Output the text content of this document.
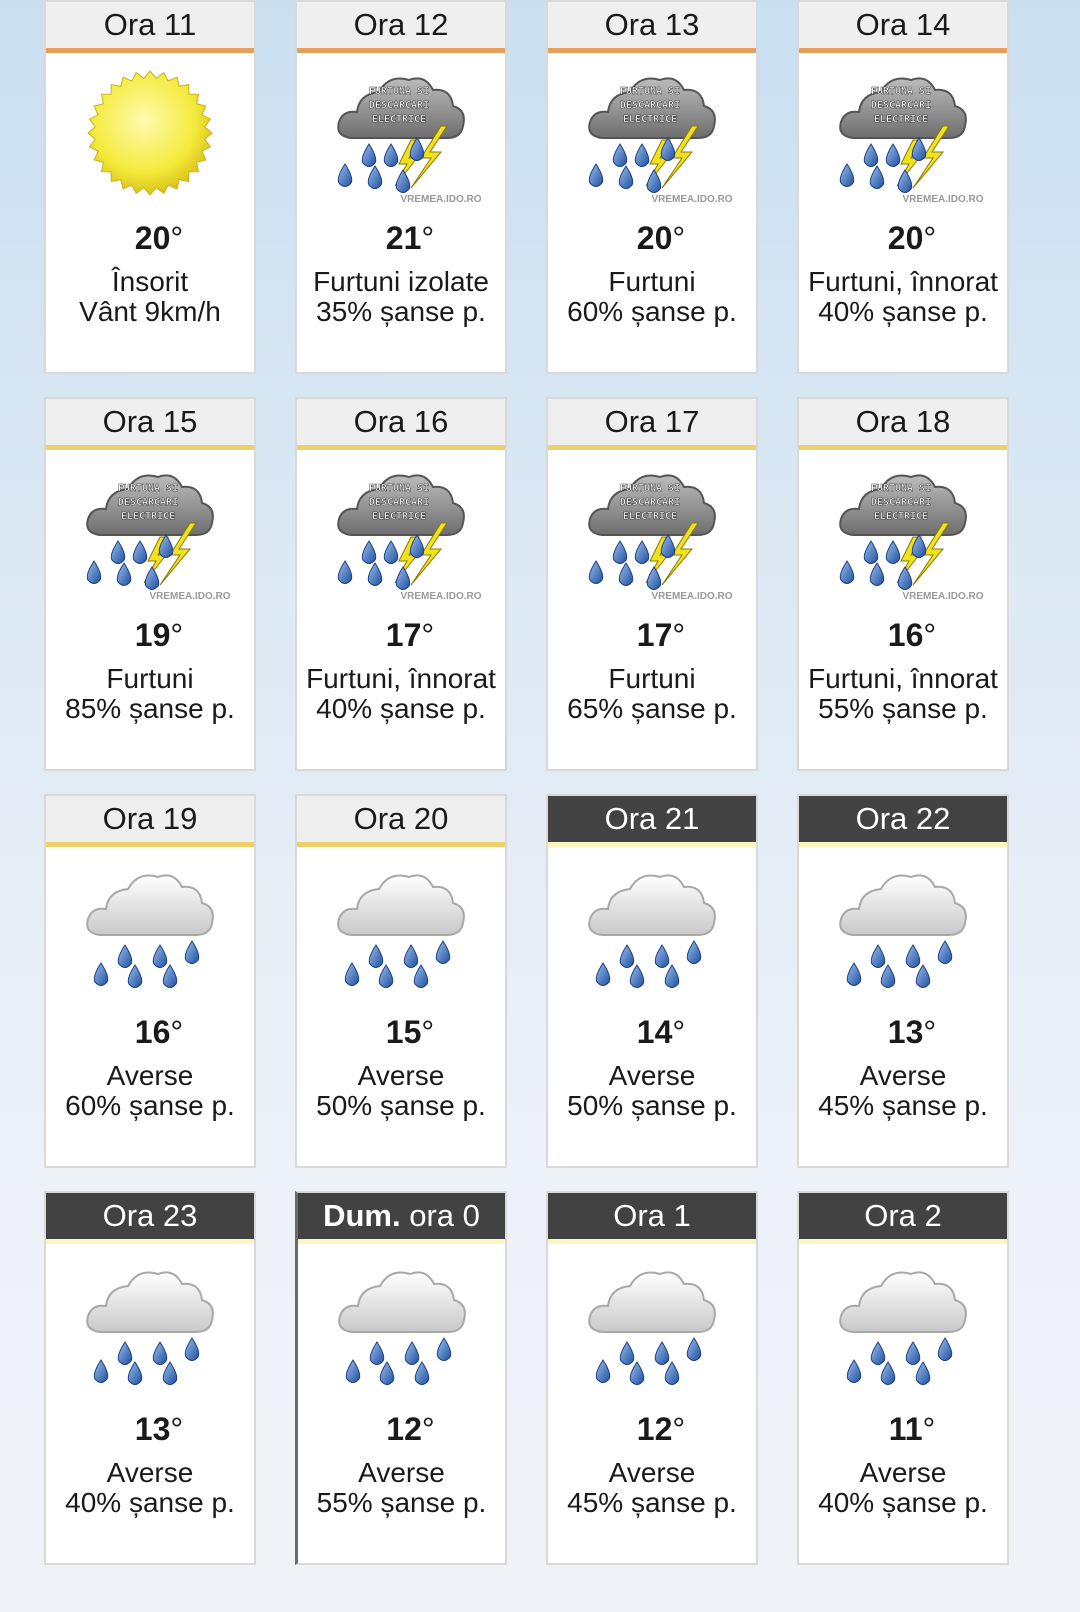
Ora 11
20°
Însorit
Vânt 9km/h
Ora 12
FURTUNA SI
DESCARCARI
ELECTRICE
VREMEA.IDO.RO
21°
Furtuni izolate
35% șanse p.
Ora 13
FURTUNA SI
DESCARCARI
ELECTRICE
VREMEA.IDO.RO
20°
Furtuni
60% șanse p.
Ora 14
FURTUNA SI
DESCARCARI
ELECTRICE
VREMEA.IDO.RO
20°
Furtuni, înnorat
40% șanse p.
Ora 15
FURTUNA SI
DESCARCARI
ELECTRICE
VREMEA.IDO.RO
19°
Furtuni
85% șanse p.
Ora 16
FURTUNA SI
DESCARCARI
ELECTRICE
VREMEA.IDO.RO
17°
Furtuni, înnorat
40% șanse p.
Ora 17
FURTUNA SI
DESCARCARI
ELECTRICE
VREMEA.IDO.RO
17°
Furtuni
65% șanse p.
Ora 18
FURTUNA SI
DESCARCARI
ELECTRICE
VREMEA.IDO.RO
16°
Furtuni, înnorat
55% șanse p.
Ora 19
16°
Averse
60% șanse p.
Ora 20
15°
Averse
50% șanse p.
Ora 21
14°
Averse
50% șanse p.
Ora 22
13°
Averse
45% șanse p.
Ora 23
13°
Averse
40% șanse p.
Dum. ora 0
12°
Averse
55% șanse p.
Ora 1
12°
Averse
45% șanse p.
Ora 2
11°
Averse
40% șanse p.
